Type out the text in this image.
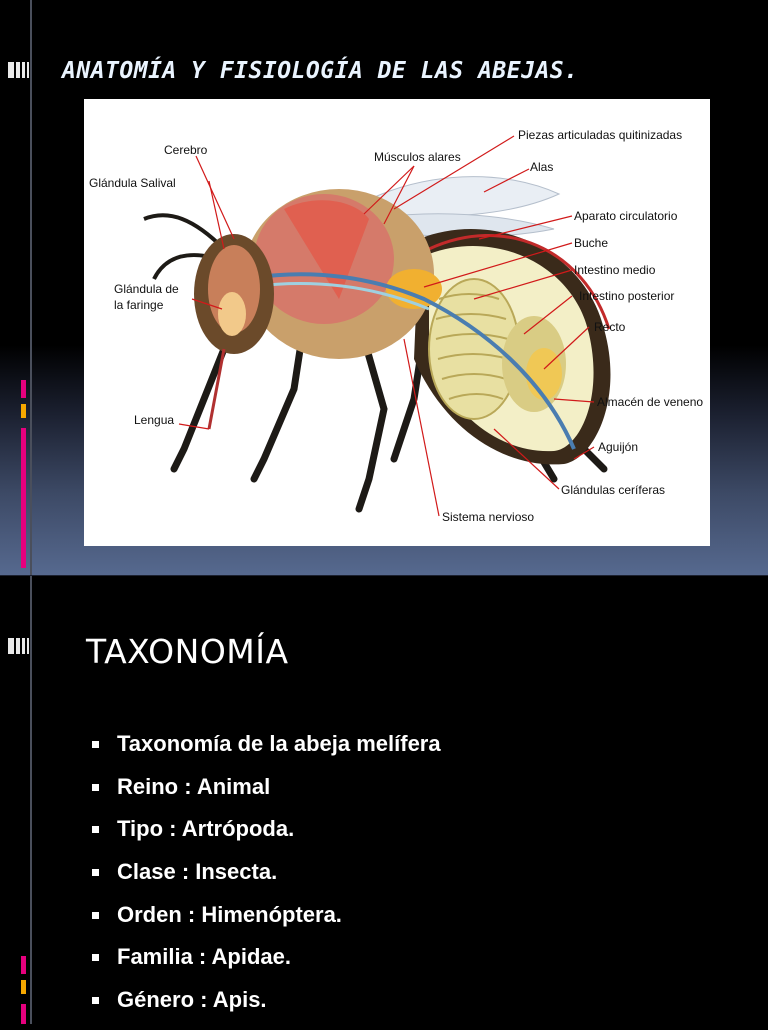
ANATOMÍA Y FISIOLOGÍA DE LAS ABEJAS.
Cerebro
Glándula Salival
Glándula de
la faringe
Lengua
Músculos alares
Piezas articuladas quitinizadas
Alas
Aparato circulatorio
Buche
Intestino medio
Intestino posterior
Recto
Almacén de veneno
Aguijón
Glándulas ceríferas
Sistema nervioso
TAXONOMÍA
Taxonomía de la abeja melífera
Reino : Animal
Tipo : Artrópoda.
Clase : Insecta.
Orden : Himenóptera.
Familia : Apidae.
Género : Apis.
